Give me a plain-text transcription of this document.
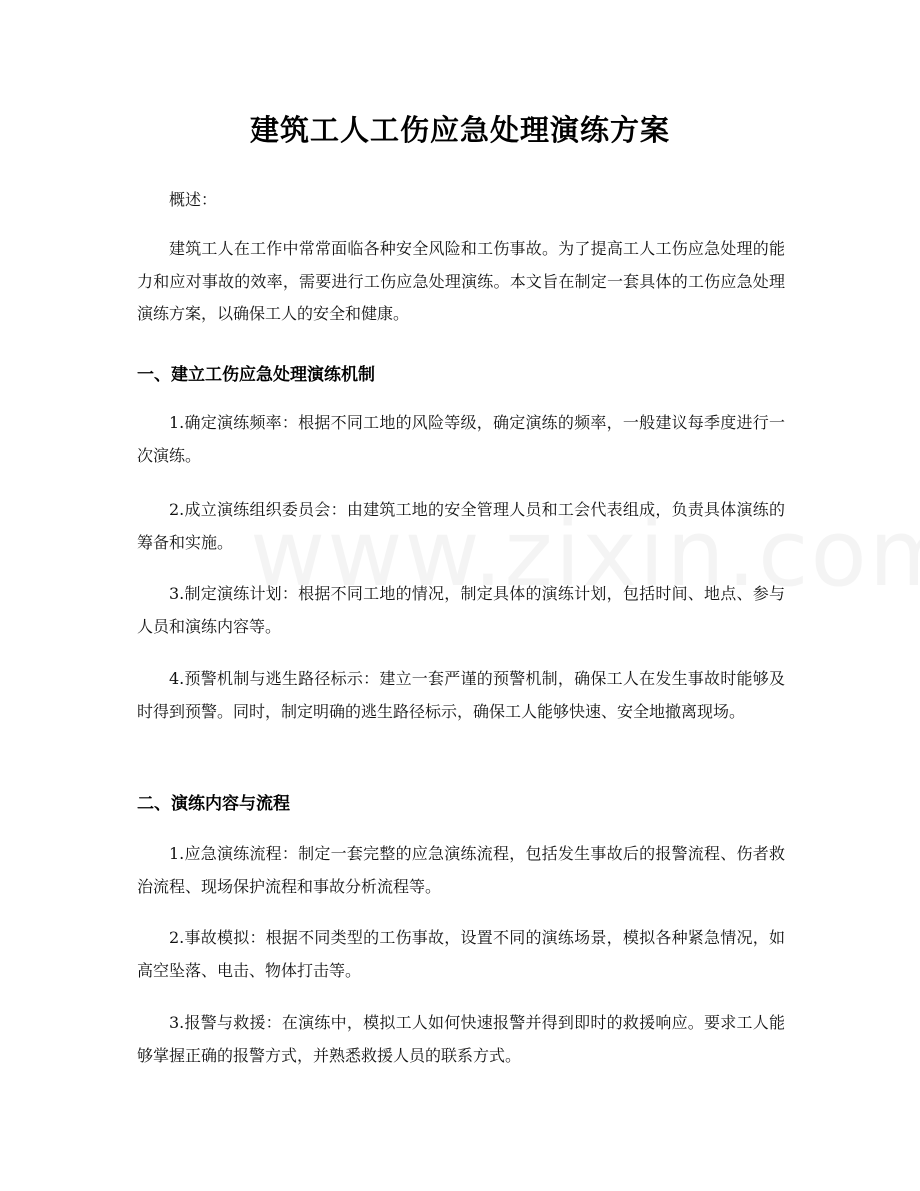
建筑工人工伤应急处理演练方案
概述：
建筑工人在工作中常常面临各种安全风险和工伤事故。为了提高工人工伤应急处理的能力和应对事故的效率，需要进行工伤应急处理演练。本文旨在制定一套具体的工伤应急处理演练方案，以确保工人的安全和健康。
一、建立工伤应急处理演练机制
1.确定演练频率：根据不同工地的风险等级，确定演练的频率，一般建议每季度进行一次演练。
2.成立演练组织委员会：由建筑工地的安全管理人员和工会代表组成，负责具体演练的筹备和实施。
3.制定演练计划：根据不同工地的情况，制定具体的演练计划，包括时间、地点、参与人员和演练内容等。
4.预警机制与逃生路径标示：建立一套严谨的预警机制，确保工人在发生事故时能够及时得到预警。同时，制定明确的逃生路径标示，确保工人能够快速、安全地撤离现场。
二、演练内容与流程
1.应急演练流程：制定一套完整的应急演练流程，包括发生事故后的报警流程、伤者救治流程、现场保护流程和事故分析流程等。
2.事故模拟：根据不同类型的工伤事故，设置不同的演练场景，模拟各种紧急情况，如高空坠落、电击、物体打击等。
3.报警与救援：在演练中，模拟工人如何快速报警并得到即时的救援响应。要求工人能够掌握正确的报警方式，并熟悉救援人员的联系方式。
